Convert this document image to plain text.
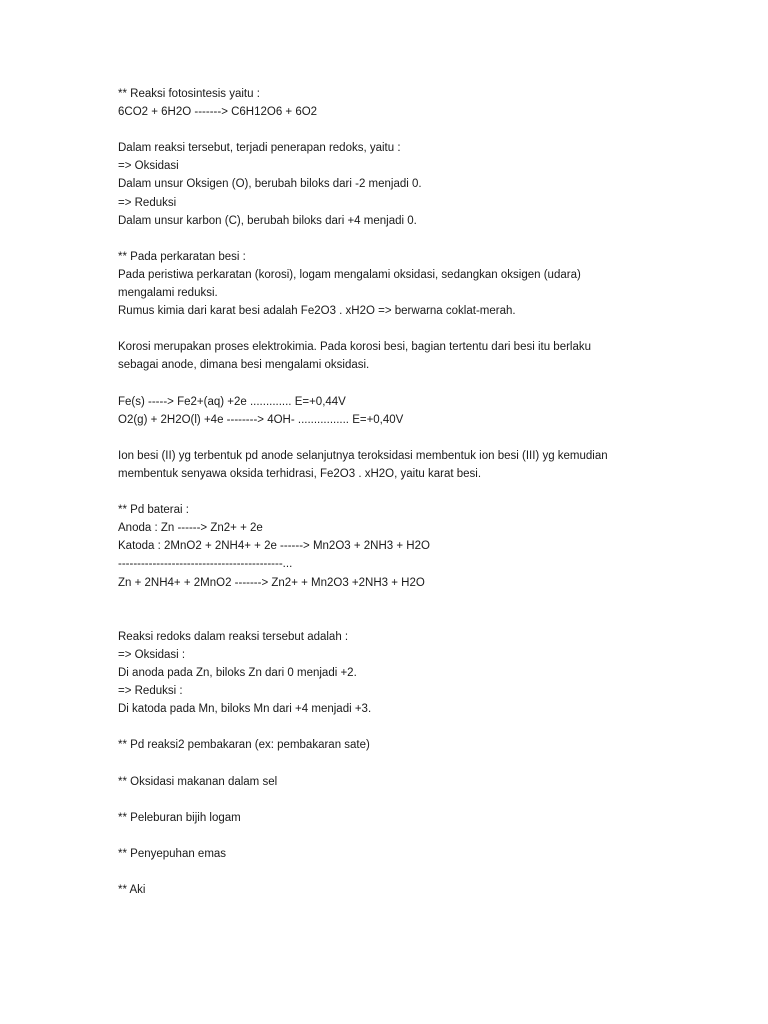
** Reaksi fotosintesis yaitu :
6CO2 + 6H2O -------> C6H12O6 + 6O2
Dalam reaksi tersebut, terjadi penerapan redoks, yaitu :
=> Oksidasi
Dalam unsur Oksigen (O), berubah biloks dari -2 menjadi 0.
=> Reduksi
Dalam unsur karbon (C), berubah biloks dari +4 menjadi 0.
** Pada perkaratan besi :
Pada peristiwa perkaratan (korosi), logam mengalami oksidasi, sedangkan oksigen (udara)
mengalami reduksi.
Rumus kimia dari karat besi adalah Fe2O3 . xH2O => berwarna coklat-merah.
Korosi merupakan proses elektrokimia. Pada korosi besi, bagian tertentu dari besi itu berlaku
sebagai anode, dimana besi mengalami oksidasi.
Fe(s) -----> Fe2+(aq) +2e ............. E=+0,44V
O2(g) + 2H2O(l) +4e --------> 4OH- ................ E=+0,40V
Ion besi (II) yg terbentuk pd anode selanjutnya teroksidasi membentuk ion besi (III) yg kemudian
membentuk senyawa oksida terhidrasi, Fe2O3 . xH2O, yaitu karat besi.
** Pd baterai :
Anoda : Zn ------> Zn2+ + 2e
Katoda : 2MnO2 + 2NH4+ + 2e ------> Mn2O3 + 2NH3 + H2O
-------------------------------------------...
Zn + 2NH4+ + 2MnO2 -------> Zn2+ + Mn2O3 +2NH3 + H2O
Reaksi redoks dalam reaksi tersebut adalah :
=> Oksidasi :
Di anoda pada Zn, biloks Zn dari 0 menjadi +2.
=> Reduksi :
Di katoda pada Mn, biloks Mn dari +4 menjadi +3.
** Pd reaksi2 pembakaran (ex: pembakaran sate)
** Oksidasi makanan dalam sel
** Peleburan bijih logam
** Penyepuhan emas
** Aki
